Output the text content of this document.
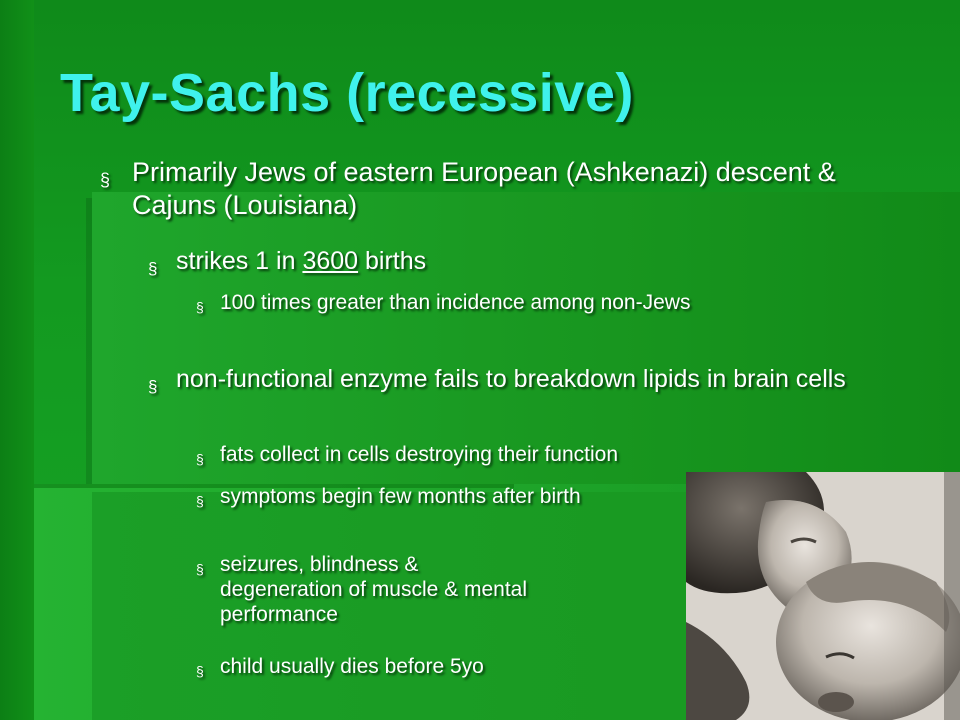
Tay-Sachs (recessive)
§ Primarily Jews of eastern European (Ashkenazi) descent & Cajuns (Louisiana)
§ strikes 1 in 3600 births
§ 100 times greater than incidence among non-Jews
§ non-functional enzyme fails to breakdown lipids in brain cells
§ fats collect in cells destroying their function
§ symptoms begin few months after birth
§ seizures, blindness & degeneration of muscle & mental performance
§ child usually dies before 5yo
